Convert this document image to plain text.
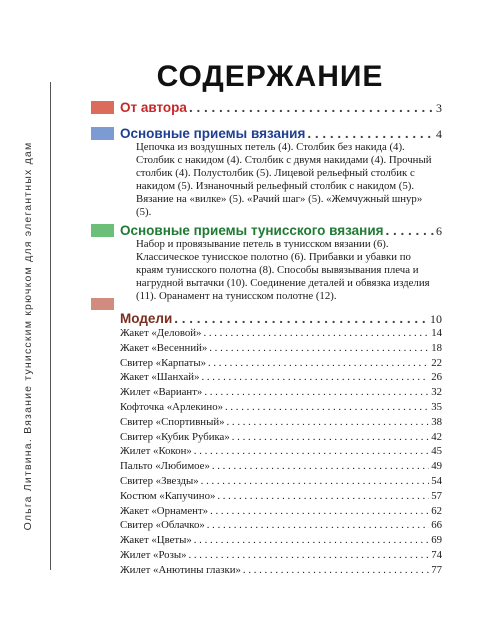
Ольга Литвина. Вязание тунисским крючком для элегантных дам
СОДЕРЖАНИЕ
От автора . . .	3
Основные приемы вязания . . .	4
Цепочка из воздушных петель (4). Столбик без накида (4). Столбик с накидом (4). Столбик с двумя накидами (4). Прочный столбик (4). Полустолбик (5). Лицевой рельефный столбик с накидом (5). Изнаночный рельефный столбик с накидом (5). Вязание на «вилке» (5). «Рачий шаг» (5). «Жемчужный шнур» (5).
Основные приемы тунисского вязания . . .	6
Набор и провязывание петель в тунисском вязании (6). Классическое тунисское полотно (6). Прибавки и убавки по краям тунисского полотна (8). Способы вывязывания плеча и нагрудной вытачки (10). Соединение деталей и обвязка изделия (11). Оранамент на тунисском полотне (12).
Модели . . .	10
Жакет «Деловой» . . .	14
Жакет «Весенний» . . .	18
Свитер «Карпаты» . . .	22
Жакет «Шанхай» . . .	26
Жилет «Вариант» . . .	32
Кофточка «Арлекино» . . .	35
Свитер «Спортивный» . . .	38
Свитер «Кубик Рубика» . . .	42
Жилет «Кокон» . . .	45
Пальто «Любимое» . . .	49
Свитер «Звезды» . . .	54
Костюм «Капучино» . . .	57
Жакет «Орнамент» . . .	62
Свитер «Облачко» . . .	66
Жакет «Цветы» . . .	69
Жилет «Розы» . . .	74
Жилет «Анютины глазки» . . .	77
